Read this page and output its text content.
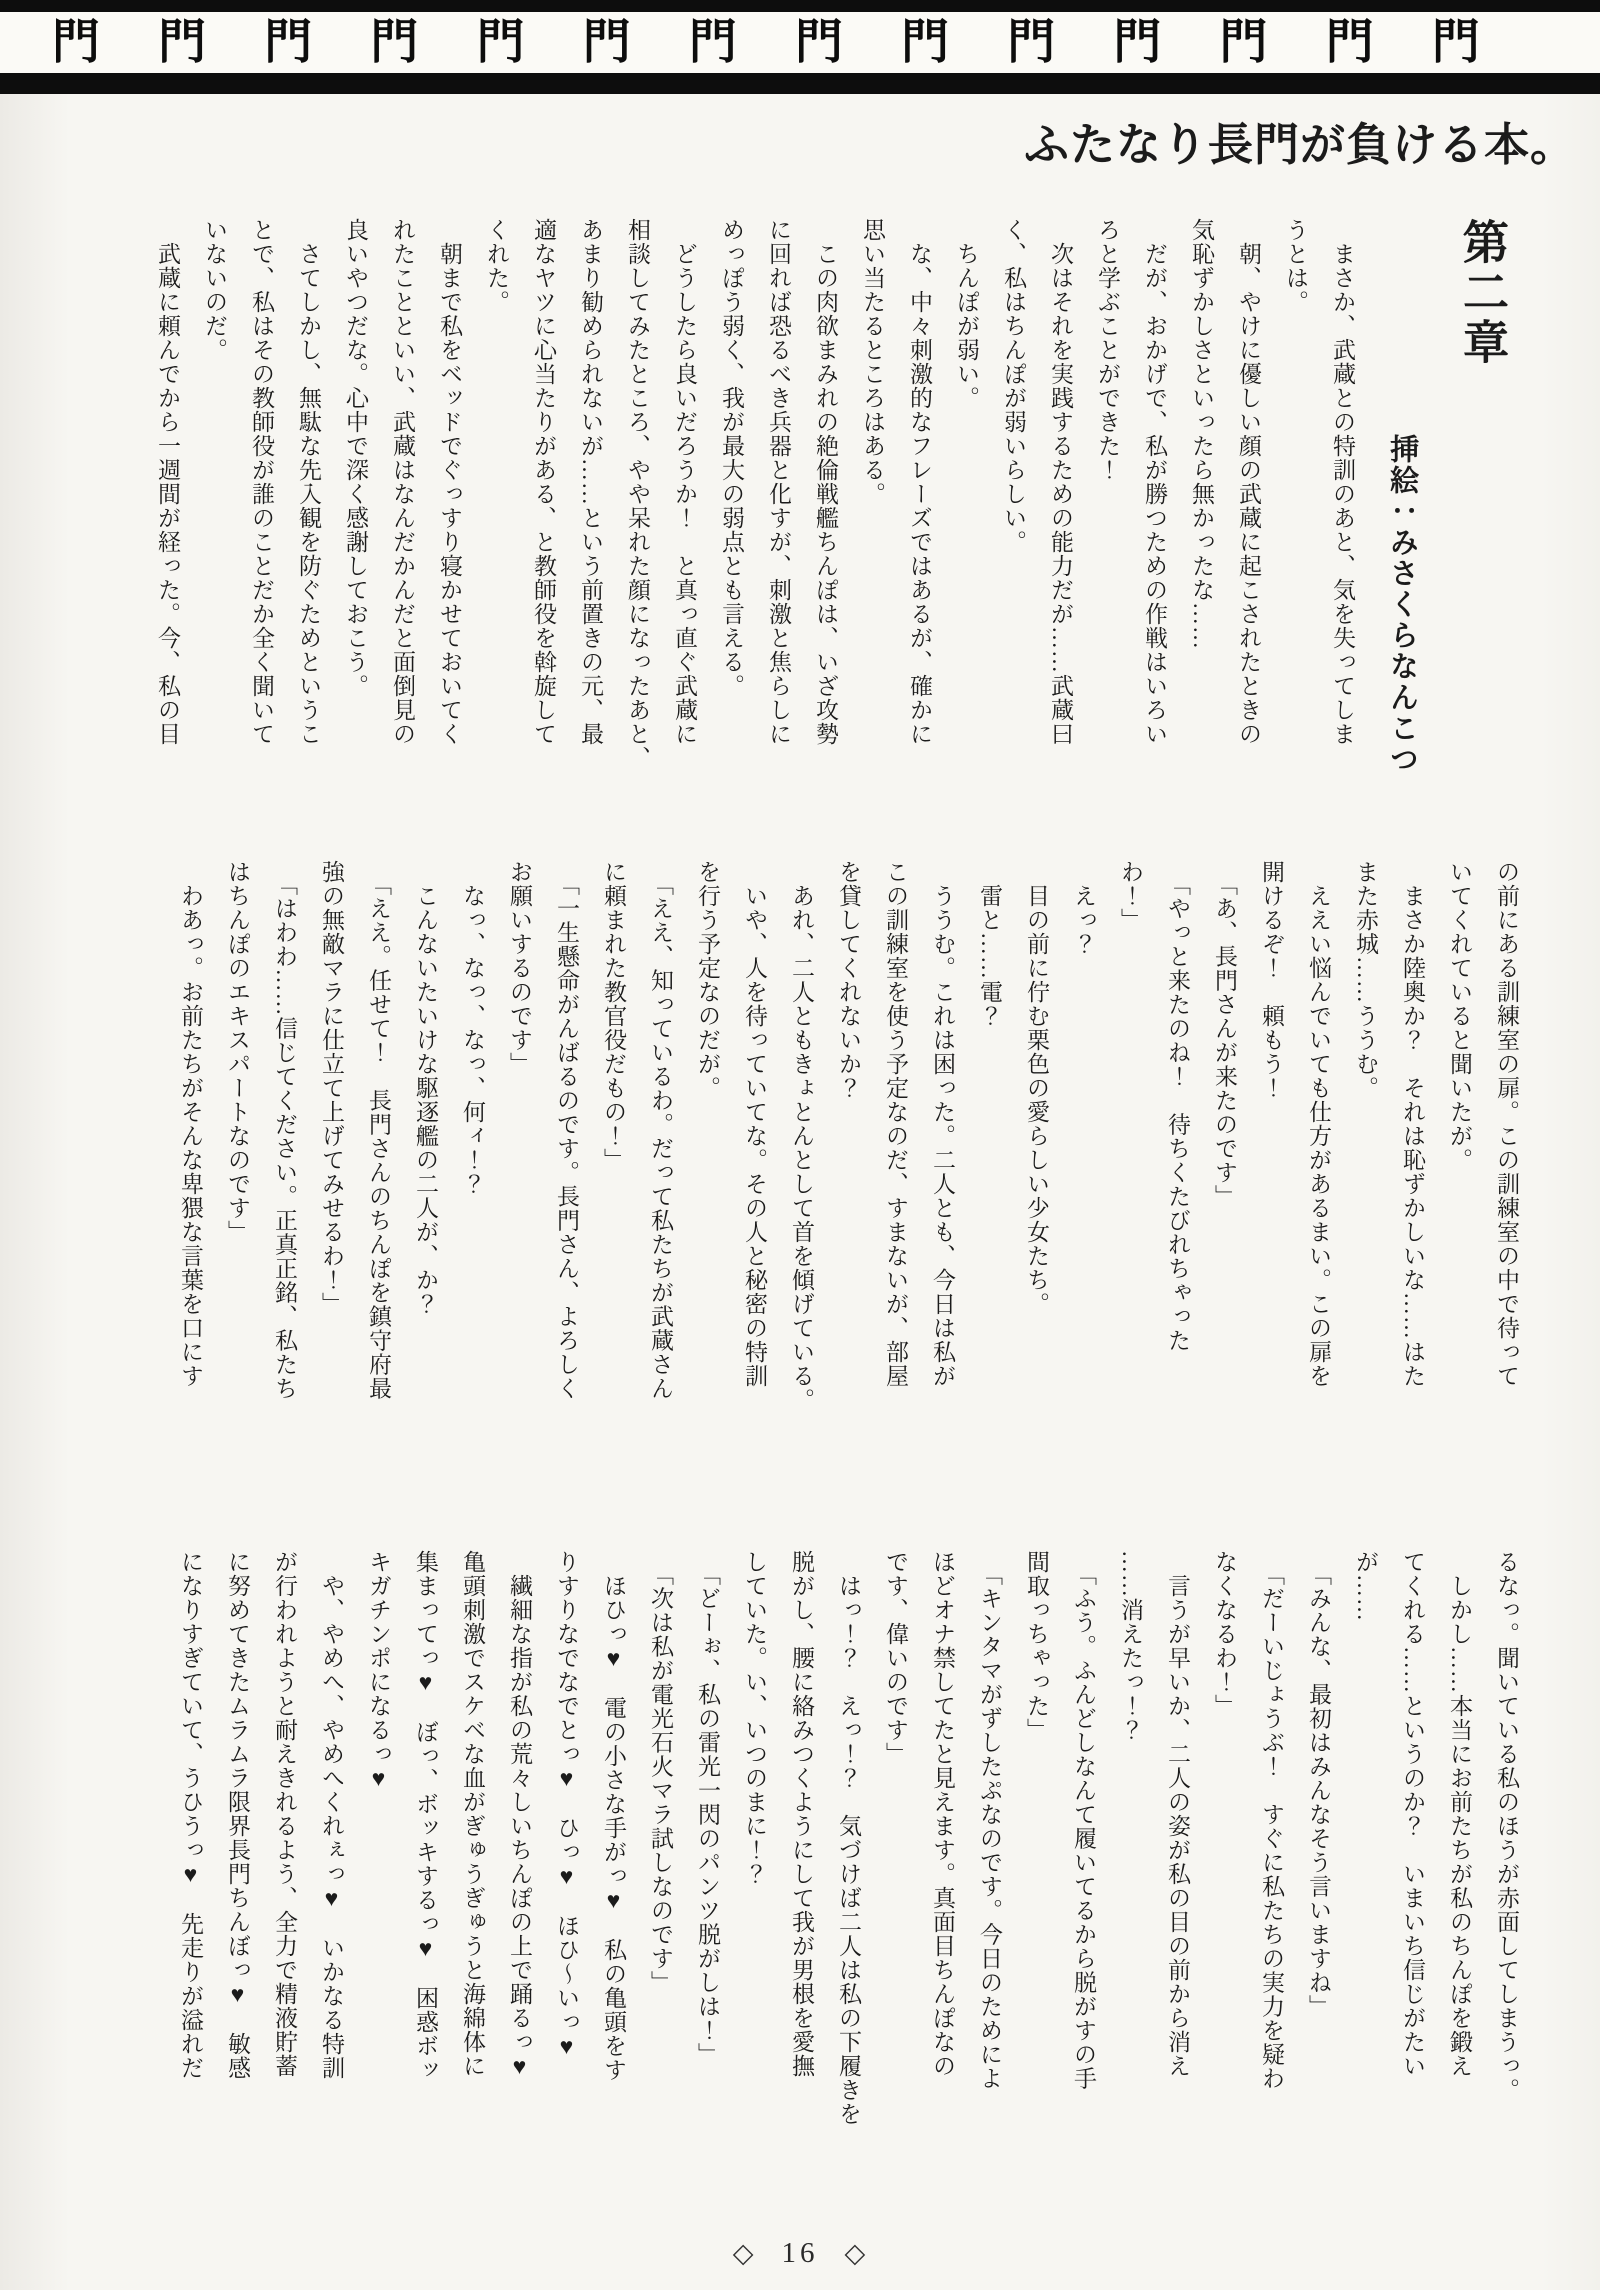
門 門 門 門 門 門 門 門 門 門 門 門 門 門
ふたなり長門が負ける本。

第二章

挿絵：みさくらなんこつ

　まさか、武蔵との特訓のあと、気を失ってしま

うとは。

　朝、やけに優しい顔の武蔵に起こされたときの

気恥ずかしさといったら無かったな……

　だが、おかげで、私が勝つための作戦はいろい

ろと学ぶことができた！

　次はそれを実践するための能力だが……武蔵曰

く、私はちんぽが弱いらしい。

　ちんぽが弱い。

　な、中々刺激的なフレーズではあるが、確かに

思い当たるところはある。

　この肉欲まみれの絶倫戦艦ちんぽは、いざ攻勢

に回れば恐るべき兵器と化すが、刺激と焦らしに

めっぽう弱く、我が最大の弱点とも言える。

　どうしたら良いだろうか！　と真っ直ぐ武蔵に

相談してみたところ、やや呆れた顔になったあと、

あまり勧められないが……という前置きの元、最

適なヤツに心当たりがある、と教師役を斡旋して

くれた。

　朝まで私をベッドでぐっすり寝かせておいてく

れたことといい、武蔵はなんだかんだと面倒見の

良いやつだな。心中で深く感謝しておこう。

　さてしかし、無駄な先入観を防ぐためというこ

とで、私はその教師役が誰のことだか全く聞いて

いないのだ。

　武蔵に頼んでから一週間が経った。今、私の目

の前にある訓練室の扉。この訓練室の中で待って

いてくれていると聞いたが。

　まさか陸奥か？　それは恥ずかしいな……はた

また赤城……ううむ。

　ええい悩んでいても仕方があるまい。この扉を

開けるぞ！　頼もう！

　「あ、長門さんが来たのです」

　「やっと来たのね！　待ちくたびれちゃった

わ！」

　えっ？

　目の前に佇む栗色の愛らしい少女たち。

　雷と……電？

　ううむ。これは困った。二人とも、今日は私が

この訓練室を使う予定なのだ、すまないが、部屋

を貸してくれないか？

　あれ、二人ともきょとんとして首を傾げている。

　いや、人を待っていてな。その人と秘密の特訓

を行う予定なのだが。

　「ええ、知っているわ。だって私たちが武蔵さん

に頼まれた教官役だもの！」

　「一生懸命がんばるのです。長門さん、よろしく

お願いするのです」

　なっ、なっ、なっ、何ィ！？

　こんないたいけな駆逐艦の二人が、か？

　「ええ。任せて！　長門さんのちんぽを鎮守府最

強の無敵マラに仕立て上げてみせるわ！」

　「はわわ……信じてください。正真正銘、私たち

はちんぽのエキスパートなのです」

　わあっ。お前たちがそんな卑猥な言葉を口にす

るなっ。聞いている私のほうが赤面してしまうっ。

　しかし……本当にお前たちが私のちんぽを鍛え

てくれる……というのか？　いまいち信じがたい

が……

　「みんな、最初はみんなそう言いますね」

　「だーいじょうぶ！　すぐに私たちの実力を疑わ

なくなるわ！」

　言うが早いか、二人の姿が私の目の前から消え

……消えたっ！？

　「ふう。ふんどしなんて履いてるから脱がすの手

間取っちゃった」

　「キンタマがずしたぷなのです。今日のためによ

ほどオナ禁してたと見えます。真面目ちんぽなの

です、偉いのです」

　はっ！？　えっ！？　気づけば二人は私の下履きを

脱がし、腰に絡みつくようにして我が男根を愛撫

していた。い、いつのまに！？

　「どーぉ、私の雷光一閃のパンツ脱がしは！」

　「次は私が電光石火マラ試しなのです」

　ほひっ♥　電の小さな手がっ♥　私の亀頭をす

りすりなでなでとっ♥　ひっ♥　ほひ〜いっ♥

　繊細な指が私の荒々しいちんぽの上で踊るっ♥

亀頭刺激でスケベな血がぎゅうぎゅうと海綿体に

集まってっ♥　ぼっ、ボッキするっ♥　困惑ボッ

キガチンポになるっ♥

　や、やめへ、やめへくれぇっ♥　いかなる特訓

が行われようと耐えきれるよう、全力で精液貯蓄

に努めてきたムラムラ限界長門ちんぼっ♥　敏感

になりすぎていて、うひうっ♥　先走りが溢れだ

◇ 16 ◇
